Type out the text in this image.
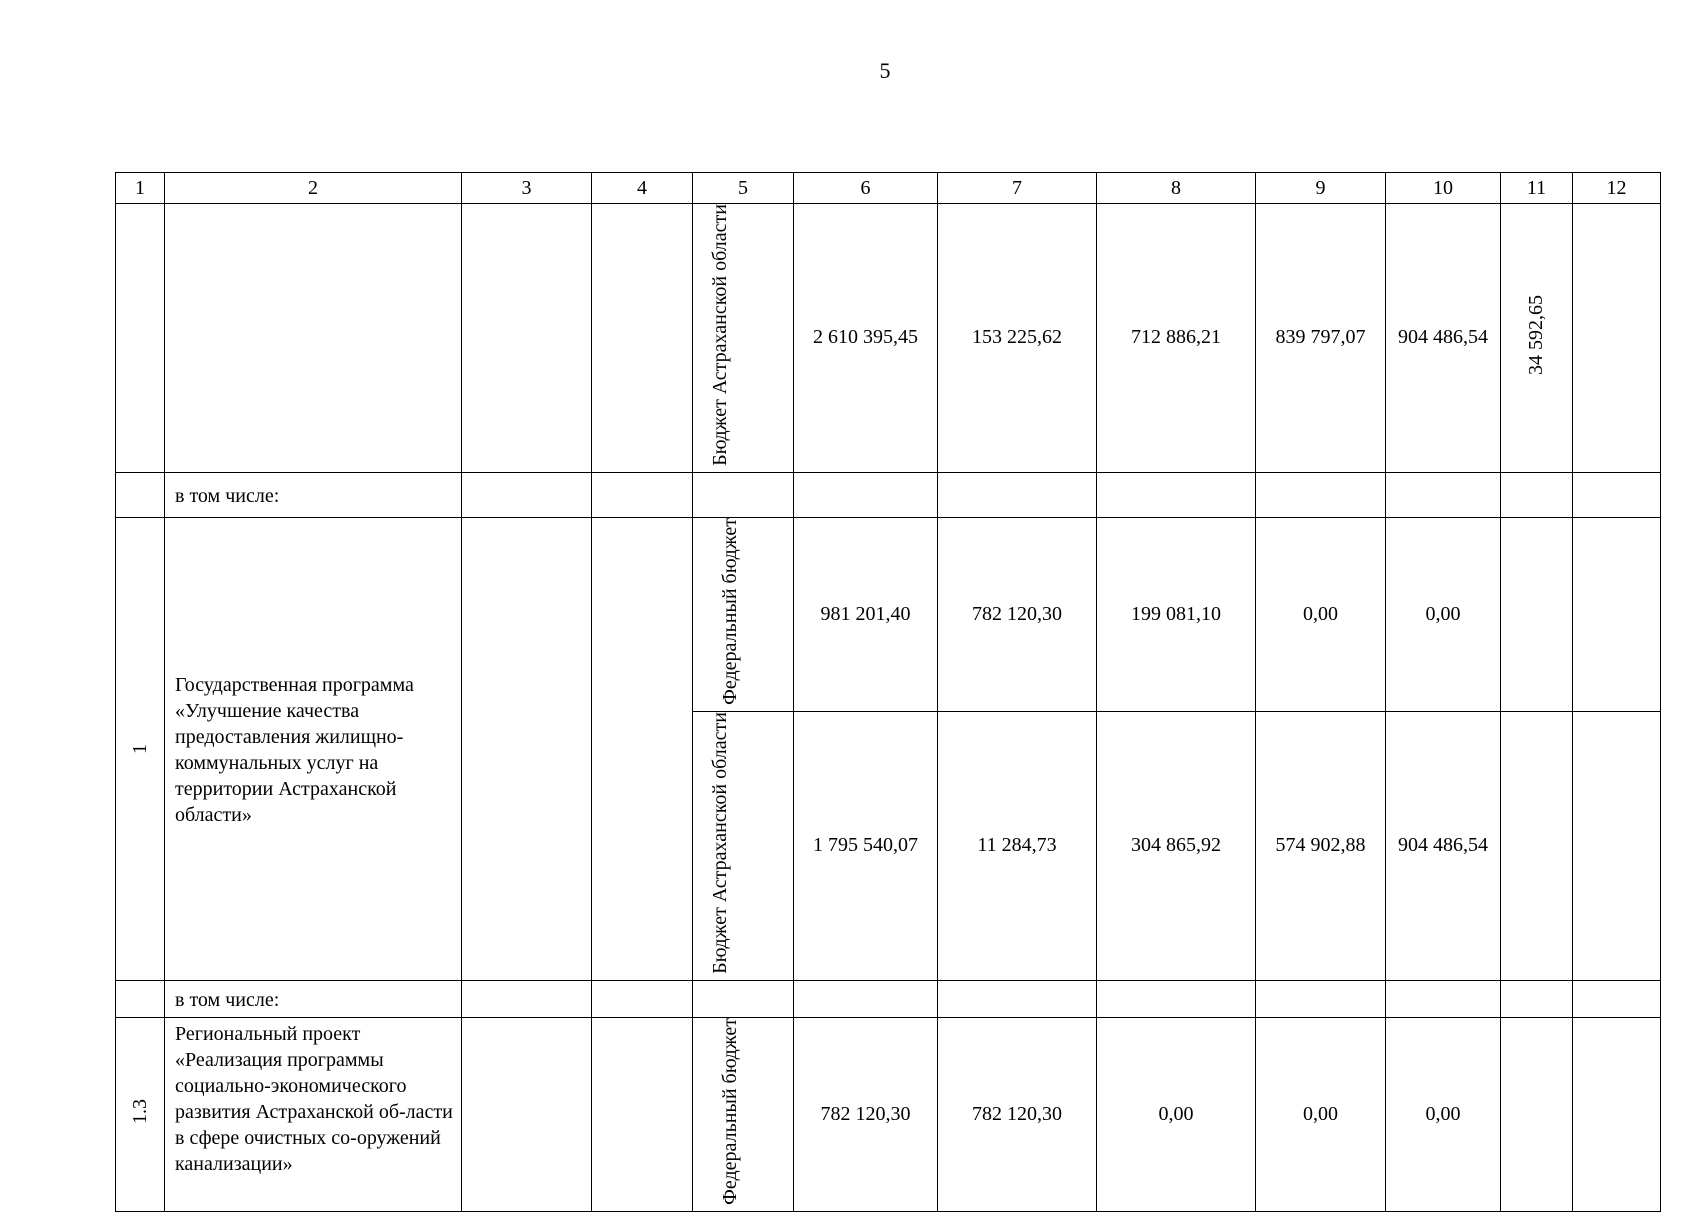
5
1	2	3	4	5	6	7	8	9	10	11	12
				Бюджет Астраханской области	2 610 395,45	153 225,62	712 886,21	839 797,07	904 486,54	34 592,65	
	в том числе:										
1	Государственная программа «Улучшение качества предоставления жилищно-коммунальных услуг на территории Астраханской области»			Федеральный бюджет	981 201,40	782 120,30	199 081,10	0,00	0,00		
				Бюджет Астраханской области	1 795 540,07	11 284,73	304 865,92	574 902,88	904 486,54		
	в том числе:										
1.3	Региональный проект «Реализация программы социально-экономического развития Астраханской об-ласти в сфере очистных со-оружений канализации»			Федеральный бюджет	782 120,30	782 120,30	0,00	0,00	0,00		
